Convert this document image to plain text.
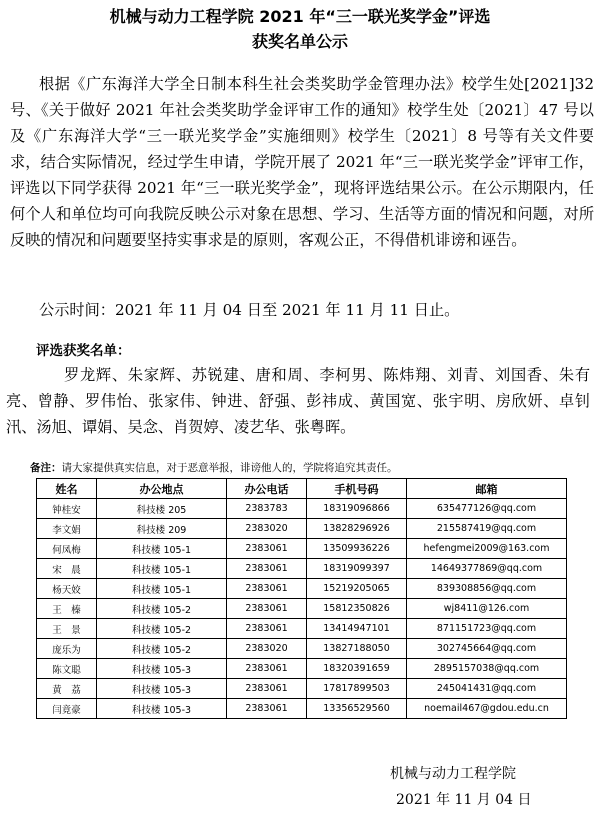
机械与动力工程学院 2021 年“三一联光奖学金”评选
获奖名单公示

根据《广东海洋大学全日制本科生社会类奖助学金管理办法》校学生处[2021]32 号、《关于做好 2021 年社会类奖助学金评审工作的通知》校学生处〔2021〕47 号以及《广东海洋大学“三一联光奖学金”实施细则》校学生〔2021〕8 号等有关文件要求，结合实际情况，经过学生申请，学院开展了 2021 年“三一联光奖学金”评审工作，评选以下同学获得 2021 年“三一联光奖学金”，现将评选结果公示。在公示期限内，任何个人和单位均可向我院反映公示对象在思想、学习、生活等方面的情况和问题，对所反映的情况和问题要坚持实事求是的原则，客观公正，不得借机诽谤和诬告。

公示时间：2021 年 11 月 04 日至 2021 年 11 月 11 日止。
评选获奖名单：

罗龙辉、朱家辉、苏锐建、唐和周、李柯男、陈炜翔、刘青、刘国香、朱有亮、曾静、罗伟怡、张家伟、钟进、舒强、彭祎成、黄国宽、张宇明、房欣妍、卓钊汛、汤旭、谭娟、吴念、肖贺婷、凌艺华、张粤晖。

备注：请大家提供真实信息，对于恶意举报，诽谤他人的，学院将追究其责任。
姓名	办公地点	办公电话	手机号码	邮箱
钟桂安	科技楼 205	2383783	18319096866	635477126@qq.com
李文娟	科技楼 209	2383020	13828296926	215587419@qq.com
何凤梅	科技楼 105-1	2383061	13509936226	hefengmei2009@163.com
宋　晨	科技楼 105-1	2383061	18319099397	14649377869@qq.com
杨天姣	科技楼 105-1	2383061	15219205065	839308856@qq.com
王　榛	科技楼 105-2	2383061	15812350826	wj8411@126.com
王　景	科技楼 105-2	2383061	13414947101	871151723@qq.com
庞乐为	科技楼 105-2	2383020	13827188050	302745664@qq.com
陈文聪	科技楼 105-3	2383061	18320391659	2895157038@qq.com
黄　荔	科技楼 105-3	2383061	17817899503	245041431@qq.com
闫竟豪	科技楼 105-3	2383061	13356529560	noemail467@gdou.edu.cn
机械与动力工程学院
2021 年 11 月 04 日
